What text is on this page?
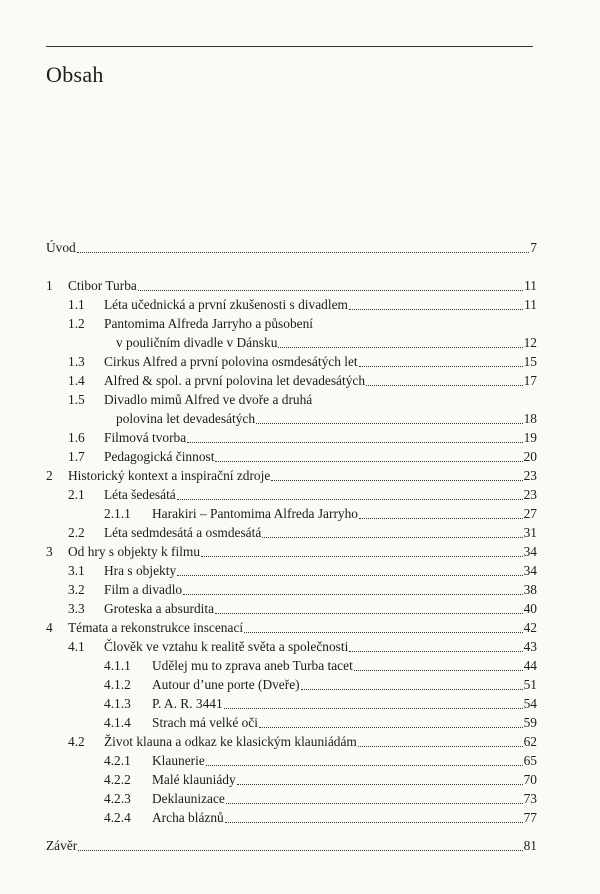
Obsah
Úvod	7
1 Ctibor Turba	11
1.1 Léta učednická a první zkušenosti s divadlem	11
1.2 Pantomima Alfreda Jarryho a působení
v pouličním divadle v Dánsku	12
1.3 Cirkus Alfred a první polovina osmdesátých let	15
1.4 Alfred & spol. a první polovina let devadesátých	17
1.5 Divadlo mimů Alfred ve dvoře a druhá
polovina let devadesátých	18
1.6 Filmová tvorba	19
1.7 Pedagogická činnost	20
2 Historický kontext a inspirační zdroje	23
2.1 Léta šedesátá	23
2.1.1 Harakiri – Pantomima Alfreda Jarryho	27
2.2 Léta sedmdesátá a osmdesátá	31
3 Od hry s objekty k filmu	34
3.1 Hra s objekty	34
3.2 Film a divadlo	38
3.3 Groteska a absurdita	40
4 Témata a rekonstrukce inscenací	42
4.1 Člověk ve vztahu k realitě světa a společnosti	43
4.1.1 Udělej mu to zprava aneb Turba tacet	44
4.1.2 Autour d’une porte (Dveře)	51
4.1.3 P. A. R. 3441	54
4.1.4 Strach má velké oči	59
4.2 Život klauna a odkaz ke klasickým klauniádám	62
4.2.1 Klaunerie	65
4.2.2 Malé klauniády	70
4.2.3 Deklaunizace	73
4.2.4 Archa bláznů	77
Závěr	81
